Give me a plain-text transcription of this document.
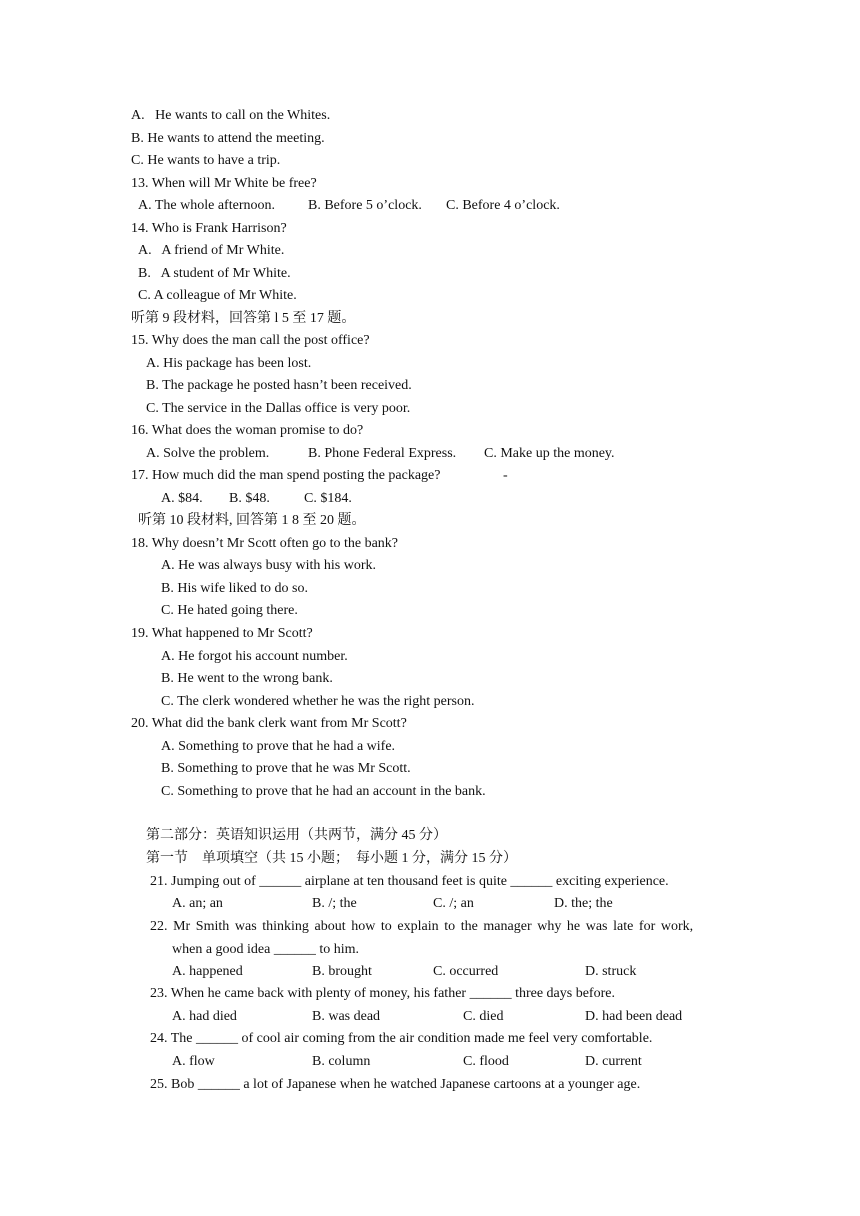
A.   He wants to call on the Whites.
B. He wants to attend the meeting.
C. He wants to have a trip.
13. When will Mr White be free?
A. The whole afternoon. B. Before 5 o’clock. C. Before 4 o’clock.
14. Who is Frank Harrison?
A.   A friend of Mr White.
B.   A student of Mr White.
C. A colleague of Mr White.
听第 9 段材料，回答第 l 5 至 17 题。
15. Why does the man call the post office?
A. His package has been lost.
B. The package he posted hasn’t been received.
C. The service in the Dallas office is very poor.
16. What does the woman promise to do?
A. Solve the problem.	B. Phone Federal Express. C. Make up the money.
17. How much did the man spend posting the package?	-
A. $84. B. $48. C. $184.
听第 10 段材料, 回答第 1 8 至 20 题。
18. Why doesn’t Mr Scott often go to the bank?
A. He was always busy with his work.
B. His wife liked to do so.
C. He hated going there.
19. What happened to Mr Scott?
A. He forgot his account number.
B. He went to the wrong bank.
C. The clerk wondered whether he was the right person.
20. What did the bank clerk want from Mr Scott?
A. Something to prove that he had a wife.
B. Something to prove that he was Mr Scott.
C. Something to prove that he had an account in the bank.
第二部分：英语知识运用（共两节，满分 45 分）
第一节    单项填空（共 15 小题；  每小题 1 分，满分 15 分）
21. Jumping out of ______ airplane at ten thousand feet is quite ______ exciting experience.
A. an; an	B. /; the	C. /; an	D. the; the
22. Mr Smith was thinking about how to explain to the manager why he was late for work,
when a good idea ______ to him.
A. happened	B. brought	C. occurred	D. struck
23. When he came back with plenty of money, his father ______ three days before.
A. had died	B. was dead	C. died	D. had been dead
24. The ______ of cool air coming from the air condition made me feel very comfortable.
A. flow	B. column	C. flood	D. current
25. Bob ______ a lot of Japanese when he watched Japanese cartoons at a younger age.
